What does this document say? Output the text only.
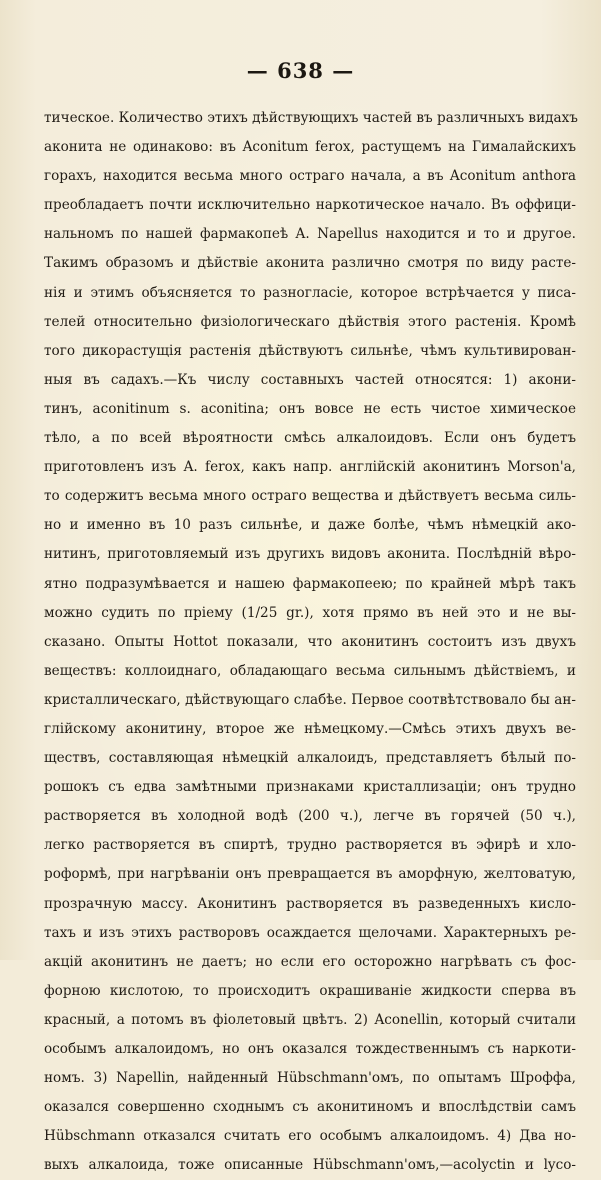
— 638 —
тическое. Количество этихъ дѣйствующихъ частей въ различныхъ видахъ
аконита не одинаково: въ Aconitum ferox, растущемъ на Гималайскихъ
горахъ, находится весьма много остраго начала, а въ Aconitum anthora
преобладаетъ почти исключительно наркотическое начало. Въ оффици-
нальномъ по нашей фармакопеѣ A. Napellus находится и то и другое.
Такимъ образомъ и дѣйствіе аконита различно смотря по виду расте-
нія и этимъ объясняется то разногласіе, которое встрѣчается у писа-
телей относительно физіологическаго дѣйствія этого растенія. Кромѣ
того дикорастущія растенія дѣйствуютъ сильнѣе, чѣмъ культивирован-
ныя въ садахъ.—Къ числу составныхъ частей относятся: 1) акони-
тинъ, aconitinum s. aconitina; онъ вовсе не есть чистое химическое
тѣло, а по всей вѣроятности смѣсь алкалоидовъ. Если онъ будетъ
приготовленъ изъ A. ferox, какъ напр. англійскій аконитинъ Morson'a,
то содержитъ весьма много остраго вещества и дѣйствуетъ весьма силь-
но и именно въ 10 разъ сильнѣе, и даже болѣе, чѣмъ нѣмецкій ако-
нитинъ, приготовляемый изъ другихъ видовъ аконита. Послѣдній вѣро-
ятно подразумѣвается и нашею фармакопеею; по крайней мѣрѣ такъ
можно судить по пріему (1/25 gr.), хотя прямо въ ней это и не вы-
сказано. Опыты Hottot показали, что аконитинъ состоитъ изъ двухъ
веществъ: коллоиднаго, обладающаго весьма сильнымъ дѣйствіемъ, и
кристаллическаго, дѣйствующаго слабѣе. Первое соотвѣтствовало бы ан-
глійскому аконитину, второе же нѣмецкому.—Смѣсь этихъ двухъ ве-
ществъ, составляющая нѣмецкій алкалоидъ, представляетъ бѣлый по-
рошокъ съ едва замѣтными признаками кристаллизаціи; онъ трудно
растворяется въ холодной водѣ (200 ч.), легче въ горячей (50 ч.),
легко растворяется въ спиртѣ, трудно растворяется въ эфирѣ и хло-
роформѣ, при нагрѣваніи онъ превращается въ аморфную, желтоватую,
прозрачную массу. Аконитинъ растворяется въ разведенныхъ кисло-
тахъ и изъ этихъ растворовъ осаждается щелочами. Характерныхъ ре-
акцій аконитинъ не даетъ; но если его осторожно нагрѣвать съ фос-
форною кислотою, то происходитъ окрашиваніе жидкости сперва въ
красный, а потомъ въ фіолетовый цвѣтъ. 2) Aconellin, который считали
особымъ алкалоидомъ, но онъ оказался тождественнымъ съ наркоти-
номъ. 3) Napellin, найденный Hübschmann'омъ, по опытамъ Шроффа,
оказался совершенно сходнымъ съ аконитиномъ и впослѣдствіи самъ
Hübschmann отказался считать его особымъ алкалоидомъ. 4) Два но-
выхъ алкалоида, тоже описанные Hübschmann'омъ,—acolyctin и lyco-
